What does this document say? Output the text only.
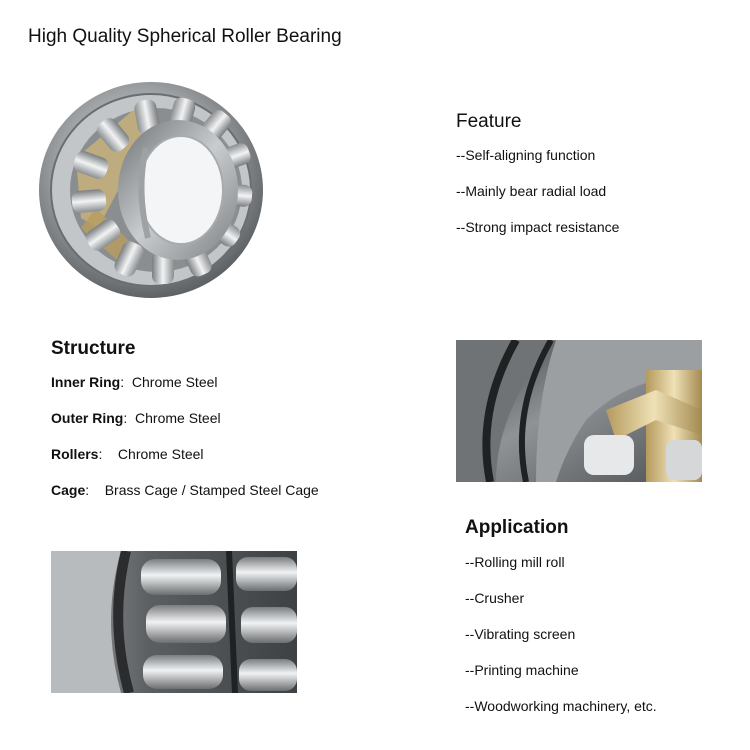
High Quality Spherical Roller Bearing
Feature
--Self-aligning function
--Mainly bear radial load
--Strong impact resistance
Structure
Inner Ring: Chrome Steel
Outer Ring: Chrome Steel
Rollers: Chrome Steel
Cage: Brass Cage / Stamped Steel Cage
Application
--Rolling mill roll
--Crusher
--Vibrating screen
--Printing machine
--Woodworking machinery, etc.
